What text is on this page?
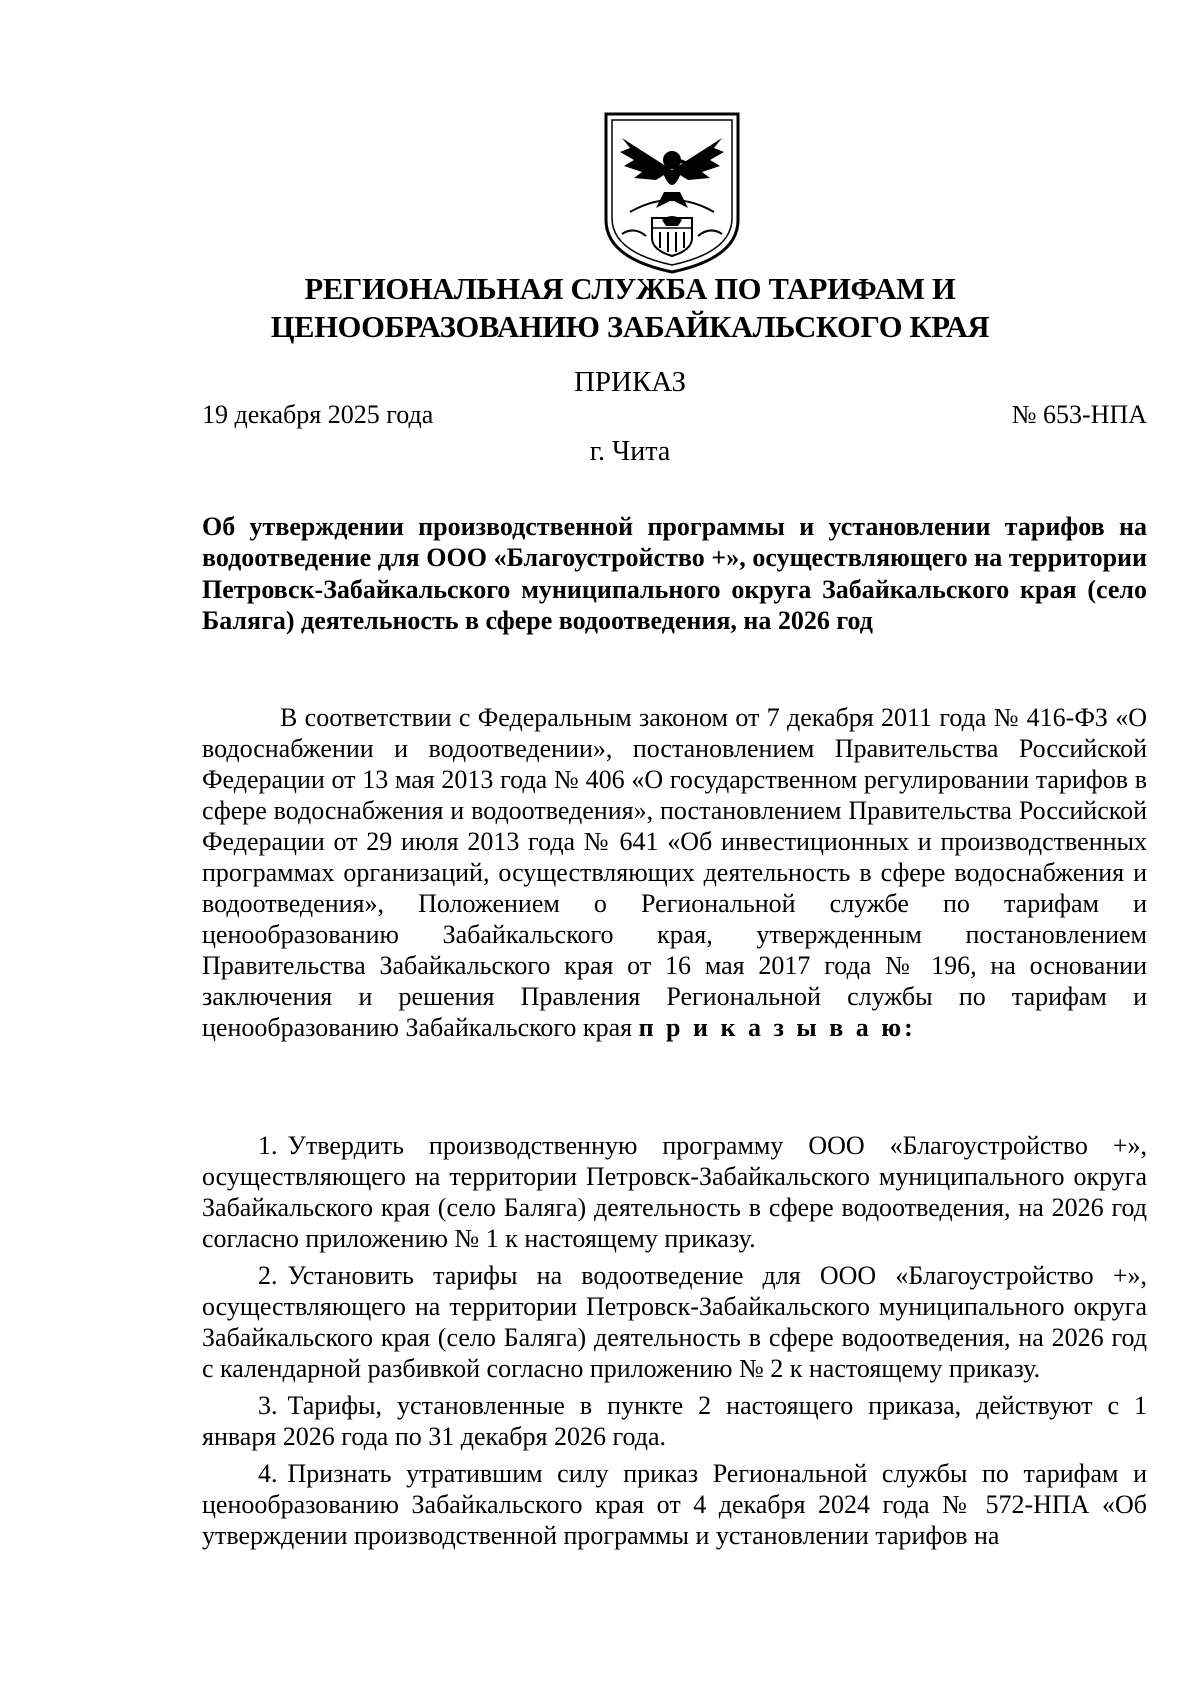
РЕГИОНАЛЬНАЯ СЛУЖБА ПО ТАРИФАМ И
ЦЕНООБРАЗОВАНИЮ ЗАБАЙКАЛЬСКОГО КРАЯ
ПРИКАЗ
19 декабря 2025 года	№ 653-НПА
г. Чита

Об утверждении производственной программы и установлении тарифов на водоотведение для ООО «Благоустройство +», осуществляющего на территории Петровск-Забайкальского муниципального округа Забайкальского края (село Баляга) деятельность в сфере водоотведения, на 2026 год

В соответствии с Федеральным законом от 7 декабря 2011 года № 416-ФЗ «О водоснабжении и водоотведении», постановлением Правительства Российской Федерации от 13 мая 2013 года № 406 «О государственном регулировании тарифов в сфере водоснабжения и водоотведения», постановлением Правительства Российской Федерации от 29 июля 2013 года № 641 «Об инвестиционных и производственных программах организаций, осуществляющих деятельность в сфере водоснабжения и водоотведения», Положением о Региональной службе по тарифам и ценообразованию Забайкальского края, утвержденным постановлением Правительства Забайкальского края от 16 мая 2017 года № 196, на основании заключения и решения Правления Региональной службы по тарифам и ценообразованию Забайкальского края п р и к а з ы в а ю:

1. Утвердить производственную программу ООО «Благоустройство +», осуществляющего на территории Петровск-Забайкальского муниципального округа Забайкальского края (село Баляга) деятельность в сфере водоотведения, на 2026 год согласно приложению № 1 к настоящему приказу.

2. Установить тарифы на водоотведение для ООО «Благоустройство +», осуществляющего на территории Петровск-Забайкальского муниципального округа Забайкальского края (село Баляга) деятельность в сфере водоотведения, на 2026 год с календарной разбивкой согласно приложению № 2 к настоящему приказу.

3. Тарифы, установленные в пункте 2 настоящего приказа, действуют с 1 января 2026 года по 31 декабря 2026 года.

4. Признать утратившим силу приказ Региональной службы по тарифам и ценообразованию Забайкальского края от 4 декабря 2024 года № 572-НПА «Об утверждении производственной программы и установлении тарифов на
